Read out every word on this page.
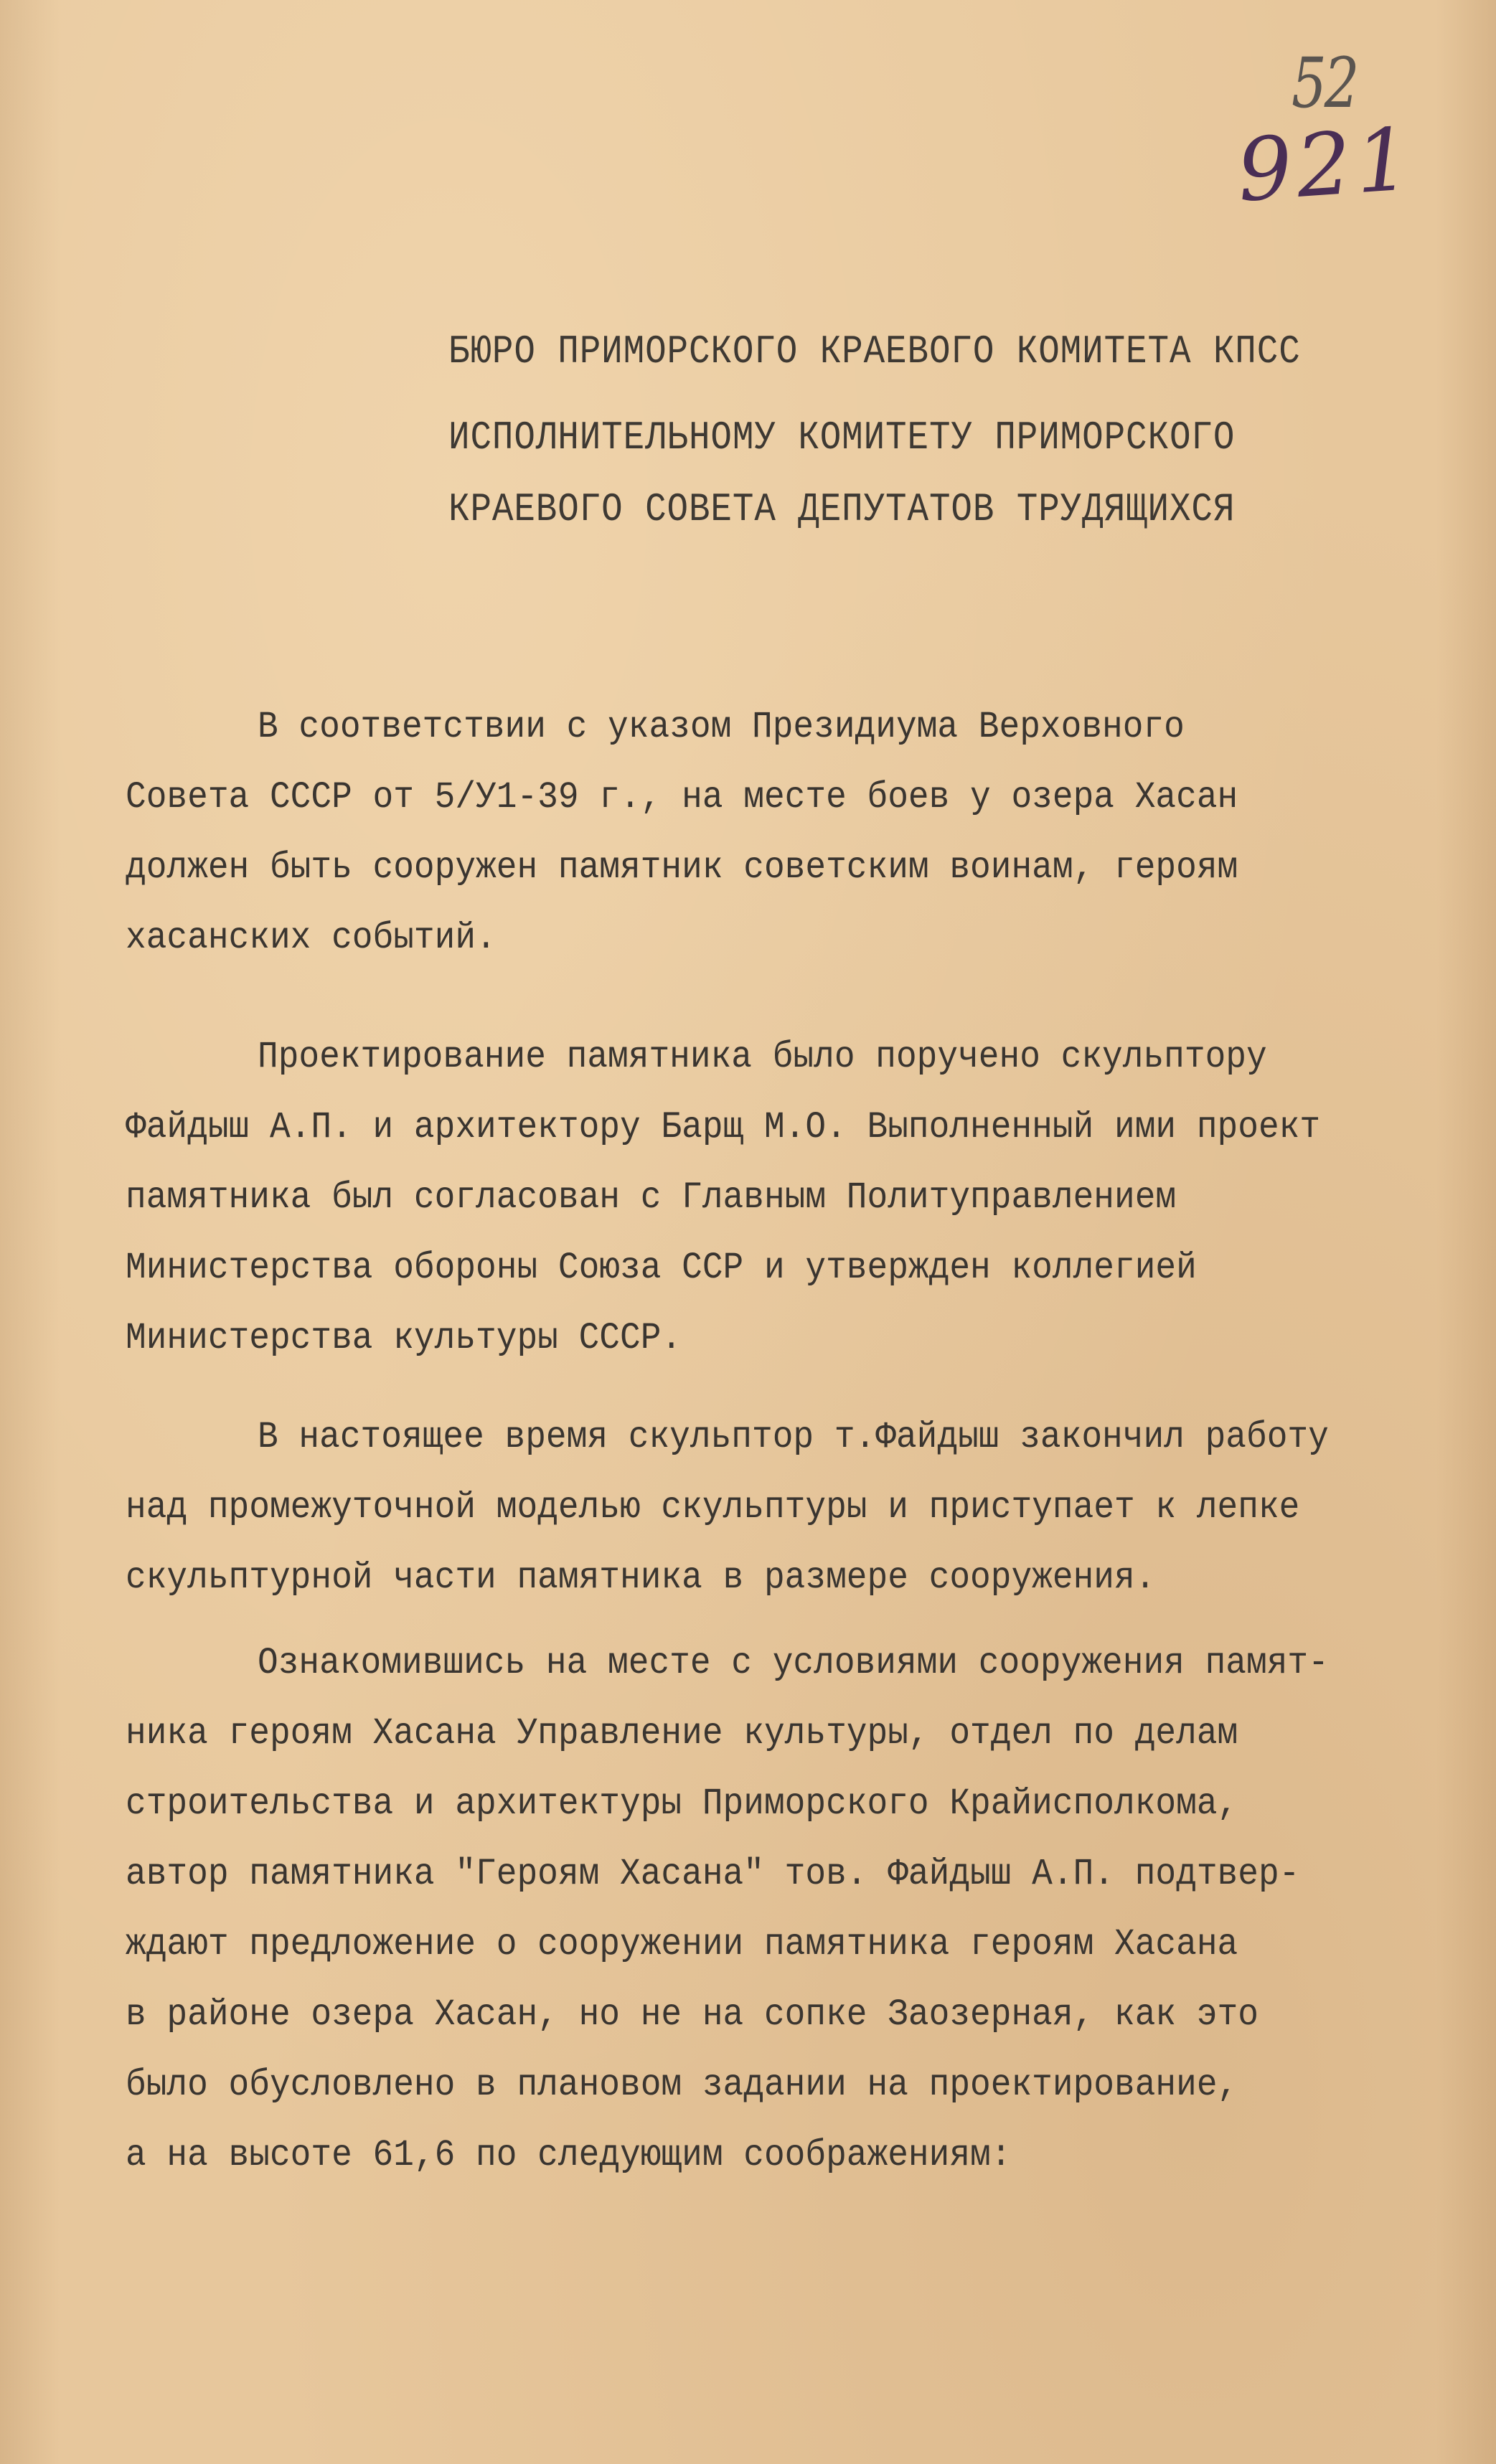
52
921
БЮРО ПРИМОРСКОГО КРАЕВОГО КОМИТЕТА КПСС
ИСПОЛНИТЕЛЬНОМУ КОМИТЕТУ ПРИМОРСКОГО
КРАЕВОГО СОВЕТА ДЕПУТАТОВ ТРУДЯЩИХСЯ
В соответствии с указом Президиума Верховного
Совета СССР от 5/У1-39 г., на месте боев у озера Хасан
должен быть сооружен памятник советским воинам, героям
хасанских событий.
Проектирование памятника было поручено скульптору
Файдыш А.П. и архитектору Барщ М.О. Выполненный ими проект
памятника был согласован с Главным Политуправлением
Министерства обороны Союза ССР и утвержден коллегией
Министерства культуры СССР.
В настоящее время скульптор т.Файдыш закончил работу
над промежуточной моделью скульптуры и приступает к лепке
скульптурной части памятника в размере сооружения.
Ознакомившись на месте с условиями сооружения памят-
ника героям Хасана Управление культуры, отдел по делам
строительства и архитектуры Приморского Крайисполкома,
автор памятника "Героям Хасана" тов. Файдыш А.П. подтвер-
ждают предложение о сооружении памятника героям Хасана
в районе озера Хасан, но не на сопке Заозерная, как это
было обусловлено в плановом задании на проектирование,
а на высоте 61,6 по следующим соображениям:
